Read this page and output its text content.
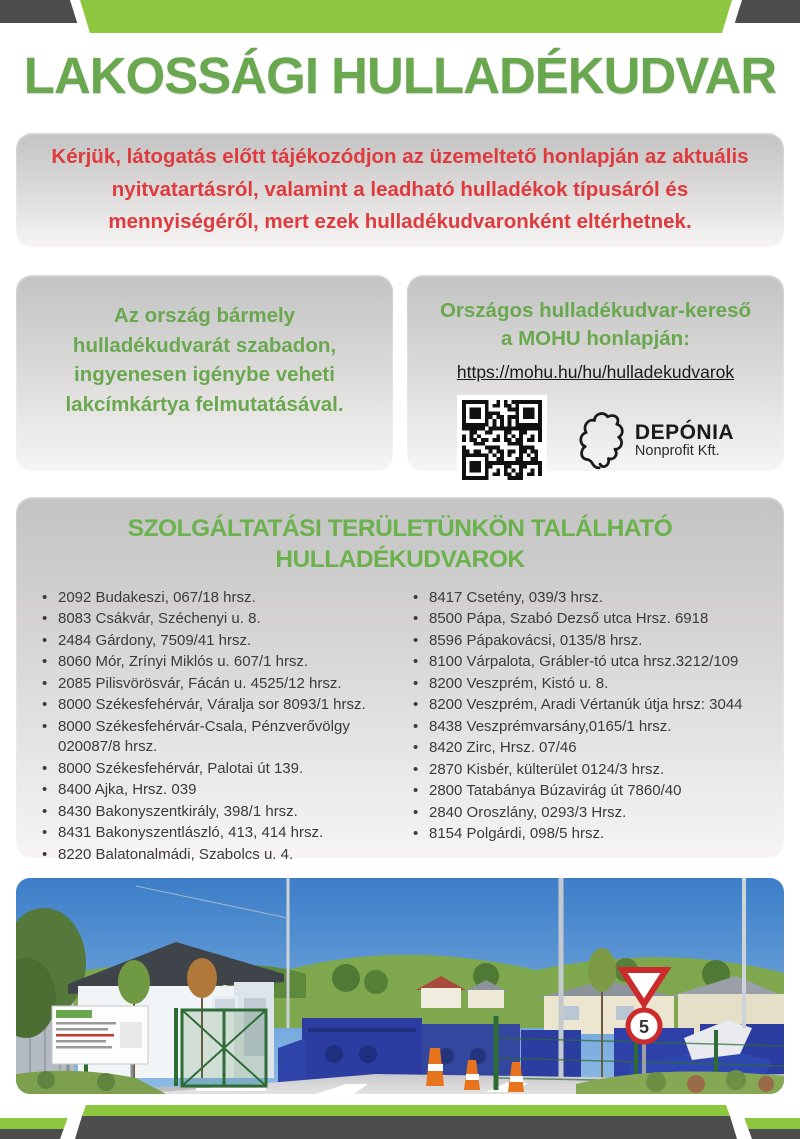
LAKOSSÁGI HULLADÉKUDVAR
Kérjük, látogatás előtt tájékozódjon az üzemeltető honlapján az aktuális nyitvatartásról, valamint a leadható hulladékok típusáról és mennyiségéről, mert ezek hulladékudvaronként eltérhetnek.
Az ország bármely hulladékudvarát szabadon, ingyenesen igénybe veheti lakcímkártya felmutatásával.
Országos hulladékudvar-kereső a MOHU honlapján:
https://mohu.hu/hu/hulladekudvarok
DEPÓNIA
Nonprofit Kft.
SZOLGÁLTATÁSI TERÜLETÜNKÖN TALÁLHATÓ
HULLADÉKUDVAROK
• 2092 Budakeszi, 067/18 hrsz.
• 8083 Csákvár, Széchenyi u. 8.
• 2484 Gárdony, 7509/41 hrsz.
• 8060 Mór, Zrínyi Miklós u. 607/1 hrsz.
• 2085 Pilisvörösvár, Fácán u. 4525/12 hrsz.
• 8000 Székesfehérvár, Váralja sor 8093/1 hrsz.
• 8000 Székesfehérvár-Csala, Pénzverővölgy 020087/8 hrsz.
• 8000 Székesfehérvár, Palotai út 139.
• 8400 Ajka, Hrsz. 039
• 8430 Bakonyszentkirály, 398/1 hrsz.
• 8431 Bakonyszentlászló, 413, 414 hrsz.
• 8220 Balatonalmádi, Szabolcs u. 4.
• 8417 Csetény, 039/3 hrsz.
• 8500 Pápa, Szabó Dezső utca Hrsz. 6918
• 8596 Pápakovácsi, 0135/8 hrsz.
• 8100 Várpalota, Grábler-tó utca hrsz.3212/109
• 8200 Veszprém, Kistó u. 8.
• 8200 Veszprém, Aradi Vértanúk útja hrsz: 3044
• 8438 Veszprémvarsány,0165/1 hrsz.
• 8420 Zirc, Hrsz. 07/46
• 2870 Kisbér, külterület 0124/3 hrsz.
• 2800 Tatabánya Búzavirág út 7860/40
• 2840 Oroszlány, 0293/3 Hrsz.
• 8154 Polgárdi, 098/5 hrsz.
5
